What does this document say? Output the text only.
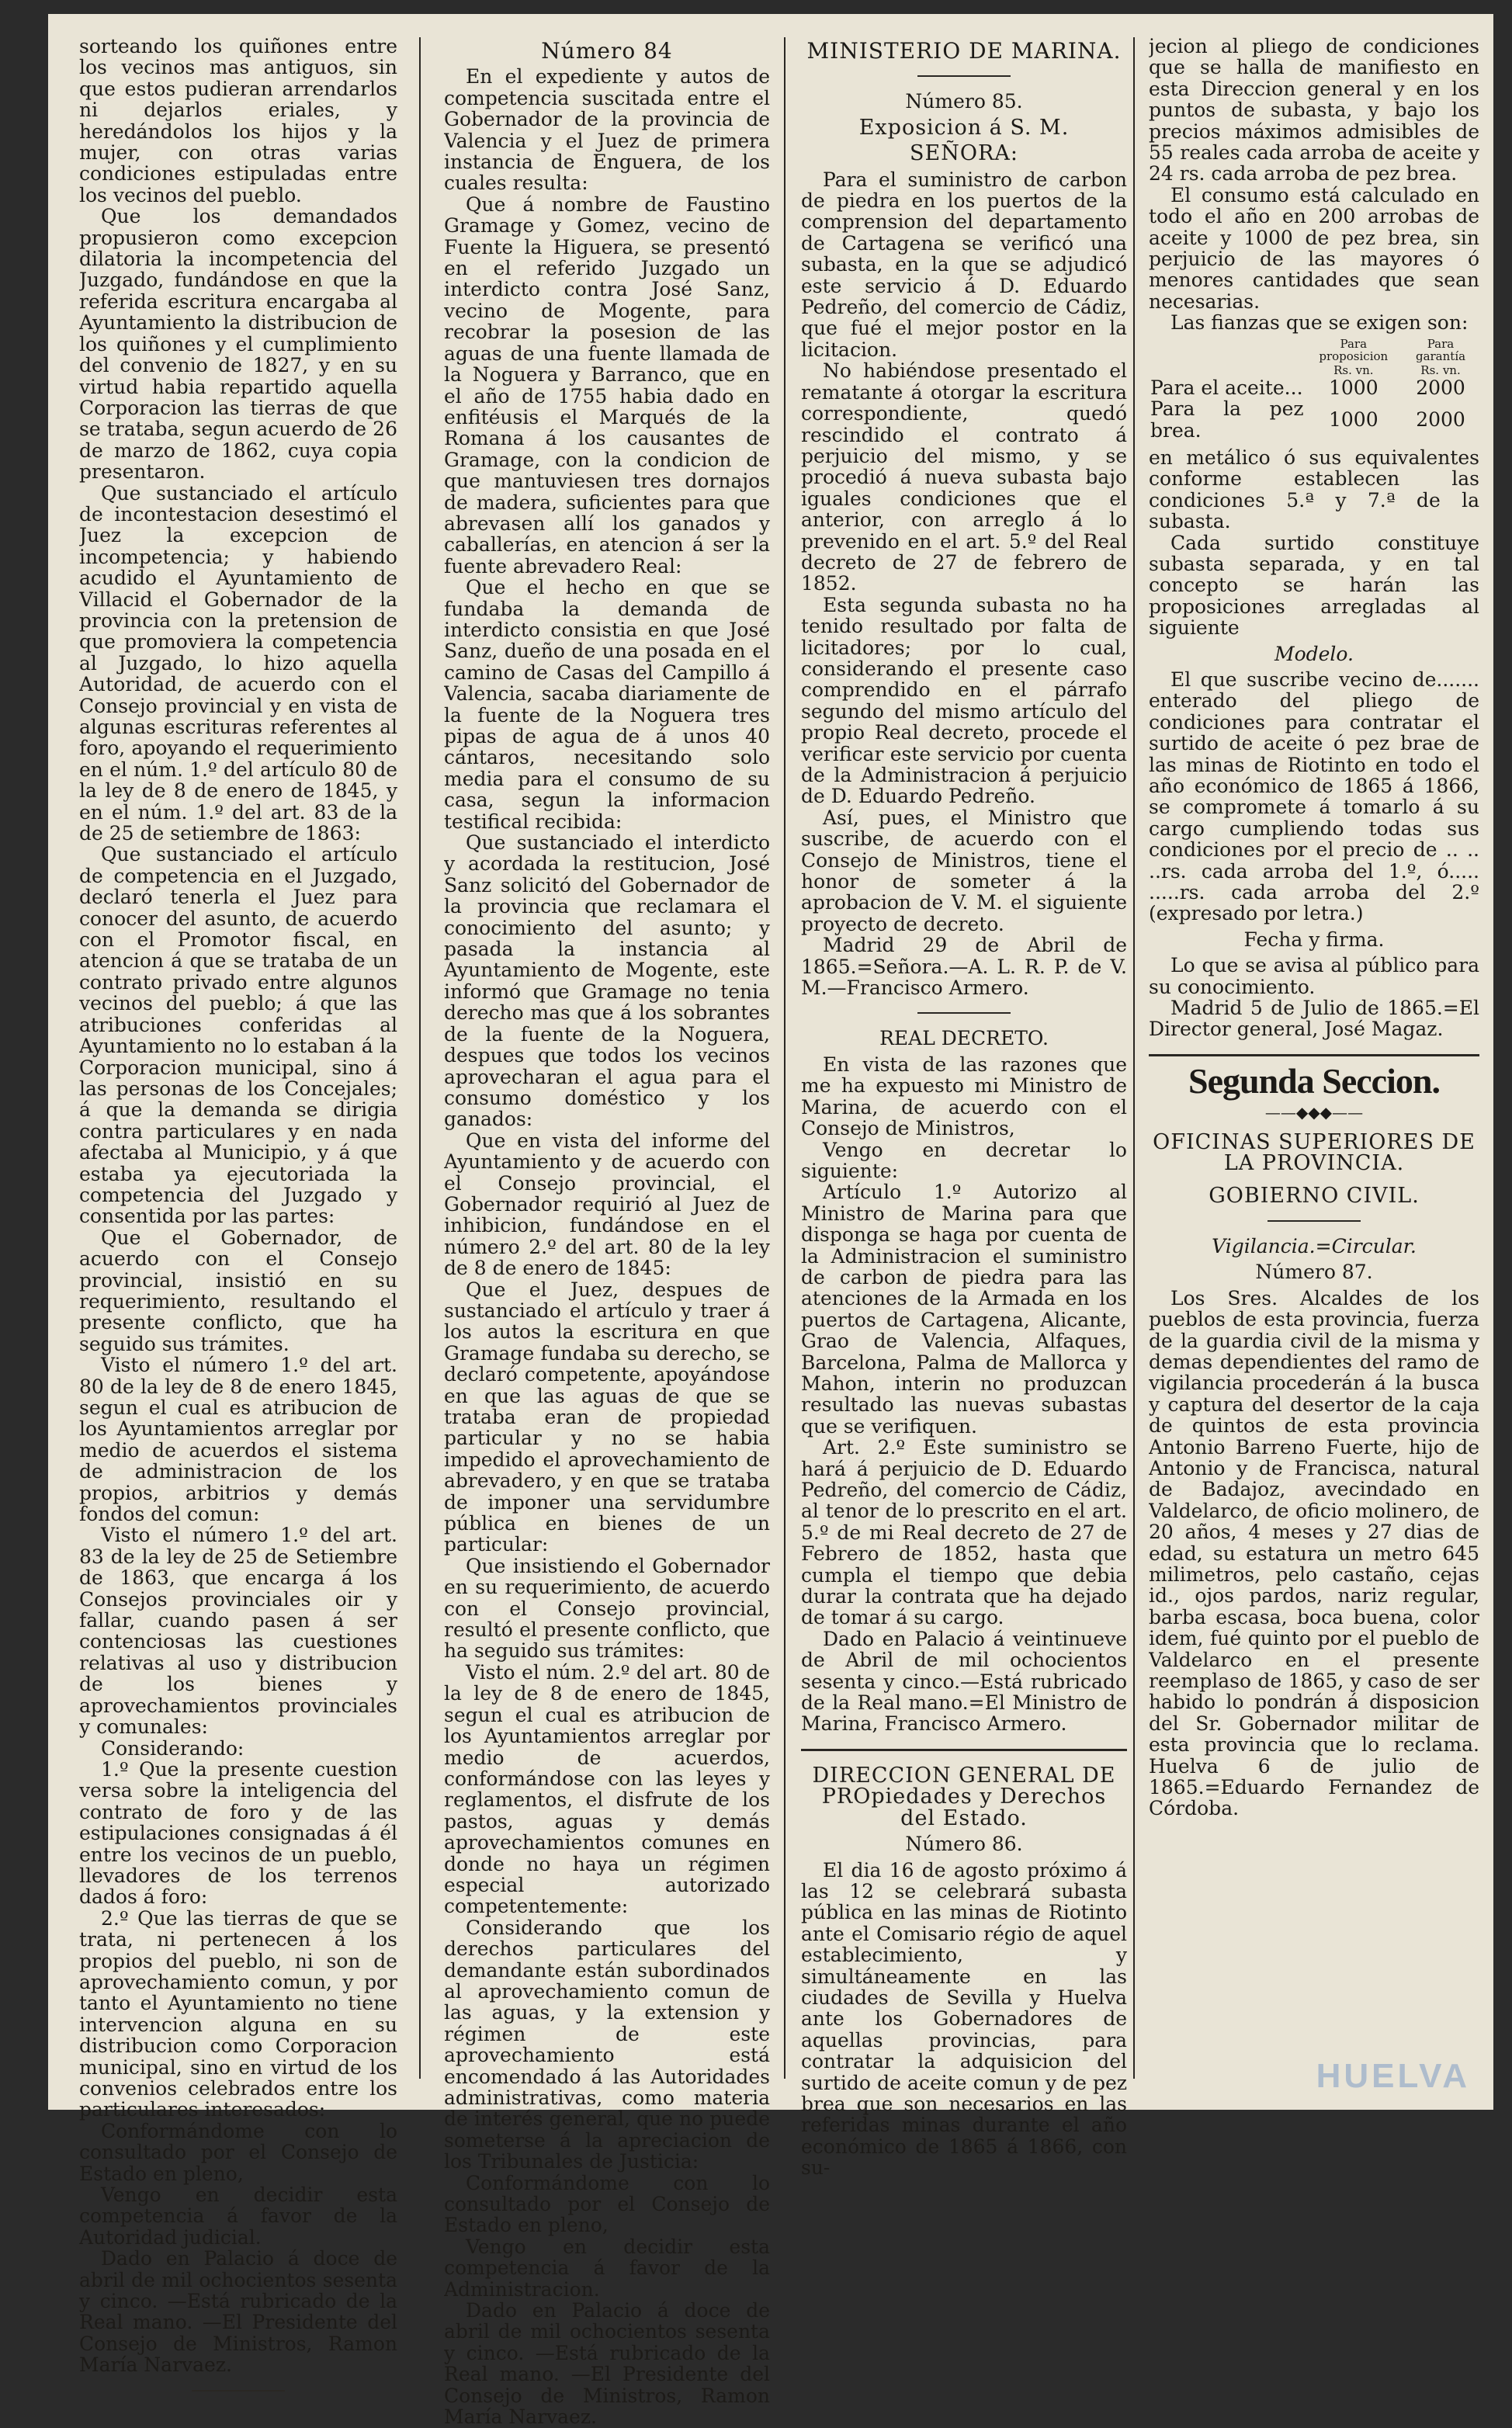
sorteando los quiñones entre los vecinos mas antiguos, sin que estos pudieran arrendarlos ni dejarlos eriales, y heredándolos los hijos y la mujer, con otras varias condiciones estipuladas entre los vecinos del pueblo.

Que los demandados propusieron como excepcion dilatoria la incompetencia del Juzgado, fundándose en que la referida escritura encargaba al Ayuntamiento la distribucion de los quiñones y el cumplimiento del convenio de 1827, y en su virtud habia repartido aquella Corporacion las tierras de que se trataba, segun acuerdo de 26 de marzo de 1862, cuya copia presentaron.

Que sustanciado el artículo de incontestacion desestimó el Juez la excepcion de incompetencia; y habiendo acudido el Ayuntamiento de Villacid el Gobernador de la provincia con la pretension de que promoviera la competencia al Juzgado, lo hizo aquella Autoridad, de acuerdo con el Consejo provincial y en vista de algunas escrituras referentes al foro, apoyando el requerimiento en el núm. 1.º del artículo 80 de la ley de 8 de enero de 1845, y en el núm. 1.º del art. 83 de la de 25 de setiembre de 1863:

Que sustanciado el artículo de competencia en el Juzgado, declaró tenerla el Juez para conocer del asunto, de acuerdo con el Promotor fiscal, en atencion á que se trataba de un contrato privado entre algunos vecinos del pueblo; á que las atribuciones conferidas al Ayuntamiento no lo estaban á la Corporacion municipal, sino á las personas de los Concejales; á que la demanda se dirigia contra particulares y en nada afectaba al Municipio, y á que estaba ya ejecutoriada la competencia del Juzgado y consentida por las partes:

Que el Gobernador, de acuerdo con el Consejo provincial, insistió en su requerimiento, resultando el presente conflicto, que ha seguido sus trámites.

Visto el número 1.º del art. 80 de la ley de 8 de enero 1845, segun el cual es atribucion de los Ayuntamientos arreglar por medio de acuerdos el sistema de administracion de los propios, arbitrios y demás fondos del comun:

Visto el número 1.º del art. 83 de la ley de 25 de Setiembre de 1863, que encarga á los Consejos provinciales oir y fallar, cuando pasen á ser contenciosas las cuestiones relativas al uso y distribucion de los bienes y aprovechamientos provinciales y comunales:

Considerando:

1.º Que la presente cuestion versa sobre la inteligencia del contrato de foro y de las estipulaciones consignadas á él entre los vecinos de un pueblo, llevadores de los terrenos dados á foro:

2.º Que las tierras de que se trata, ni pertenecen á los propios del pueblo, ni son de aprovechamiento comun, y por tanto el Ayuntamiento no tiene intervencion alguna en su distribucion como Corporacion municipal, sino en virtud de los convenios celebrados entre los particulares interesados:

Conformándome con lo consultado por el Consejo de Estado en pleno,

Vengo en decidir esta competencia á favor de la Autoridad judicial.

Dado en Palacio á doce de abril de mil ochocientos sesenta y cinco. —Está rubricado de la Real mano. —El Presidente del Consejo de Ministros, Ramon María Narvaez.

Número 84

En el expediente y autos de competencia suscitada entre el Gobernador de la provincia de Valencia y el Juez de primera instancia de Enguera, de los cuales resulta:

Que á nombre de Faustino Gramage y Gomez, vecino de Fuente la Higuera, se presentó en el referido Juzgado un interdicto contra José Sanz, vecino de Mogente, para recobrar la posesion de las aguas de una fuente llamada de la Noguera y Barranco, que en el año de 1755 habia dado en enfitéusis el Marqués de la Romana á los causantes de Gramage, con la condicion de que mantuviesen tres dornajos de madera, suficientes para que abrevasen allí los ganados y caballerías, en atencion á ser la fuente abrevadero Real:

Que el hecho en que se fundaba la demanda de interdicto consistia en que José Sanz, dueño de una posada en el camino de Casas del Campillo á Valencia, sacaba diariamente de la fuente de la Noguera tres pipas de agua de á unos 40 cántaros, necesitando solo media para el consumo de su casa, segun la informacion testifical recibida:

Que sustanciado el interdicto y acordada la restitucion, José Sanz solicitó del Gobernador de la provincia que reclamara el conocimiento del asunto; y pasada la instancia al Ayuntamiento de Mogente, este informó que Gramage no tenia derecho mas que á los sobrantes de la fuente de la Noguera, despues que todos los vecinos aprovecharan el agua para el consumo doméstico y los ganados:

Que en vista del informe del Ayuntamiento y de acuerdo con el Consejo provincial, el Gobernador requirió al Juez de inhibicion, fundándose en el número 2.º del art. 80 de la ley de 8 de enero de 1845:

Que el Juez, despues de sustanciado el artículo y traer á los autos la escritura en que Gramage fundaba su derecho, se declaró competente, apoyándose en que las aguas de que se trataba eran de propiedad particular y no se habia impedido el aprovechamiento de abrevadero, y en que se trataba de imponer una servidumbre pública en bienes de un particular:

Que insistiendo el Gobernador en su requerimiento, de acuerdo con el Consejo provincial, resultó el presente conflicto, que ha seguido sus trámites:

Visto el núm. 2.º del art. 80 de la ley de 8 de enero de 1845, segun el cual es atribucion de los Ayuntamientos arreglar por medio de acuerdos, conformándose con las leyes y reglamentos, el disfrute de los pastos, aguas y demás aprovechamientos comunes en donde no haya un régimen especial autorizado competentemente:

Considerando que los derechos particulares del demandante están subordinados al aprovechamiento comun de las aguas, y la extension y régimen de este aprovechamiento está encomendado á las Autoridades administrativas, como materia de interés general, que no puede someterse á la apreciacion de los Tribunales de Justicia:

Conformándome con lo consultado por el Consejo de Estado en pleno,

Vengo en decidir esta competencia á favor de la Administracion.

Dado en Palacio á doce de abril de mil ochocientos sesenta y cinco. —Está rubricado de la Real mano. —El Presidente del Consejo de Ministros, Ramon María Narvaez.

MINISTERIO DE MARINA.

Número 85.

Exposicion á S. M.

SEÑORA:

Para el suministro de carbon de piedra en los puertos de la comprension del departamento de Cartagena se verificó una subasta, en la que se adjudicó este servicio á D. Eduardo Pedreño, del comercio de Cádiz, que fué el mejor postor en la licitacion.

No habiéndose presentado el rematante á otorgar la escritura correspondiente, quedó rescindido el contrato á perjuicio del mismo, y se procedió á nueva subasta bajo iguales condiciones que el anterior, con arreglo á lo prevenido en el art. 5.º del Real decreto de 27 de febrero de 1852.

Esta segunda subasta no ha tenido resultado por falta de licitadores; por lo cual, considerando el presente caso comprendido en el párrafo segundo del mismo artículo del propio Real decreto, procede el verificar este servicio por cuenta de la Administracion á perjuicio de D. Eduardo Pedreño.

Así, pues, el Ministro que suscribe, de acuerdo con el Consejo de Ministros, tiene el honor de someter á la aprobacion de V. M. el siguiente proyecto de decreto.

Madrid 29 de Abril de 1865.=Señora.—A. L. R. P. de V. M.—Francisco Armero.

REAL DECRETO.

En vista de las razones que me ha expuesto mi Ministro de Marina, de acuerdo con el Consejo de Ministros,

Vengo en decretar lo siguiente:

Artículo 1.º Autorizo al Ministro de Marina para que disponga se haga por cuenta de la Administracion el suministro de carbon de piedra para las atenciones de la Armada en los puertos de Cartagena, Alicante, Grao de Valencia, Alfaques, Barcelona, Palma de Mallorca y Mahon, interin no produzcan resultado las nuevas subastas que se verifiquen.

Art. 2.º Este suministro se hará á perjuicio de D. Eduardo Pedreño, del comercio de Cádiz, al tenor de lo prescrito en el art. 5.º de mi Real decreto de 27 de Febrero de 1852, hasta que cumpla el tiempo que debia durar la contrata que ha dejado de tomar á su cargo.

Dado en Palacio á veintinueve de Abril de mil ochocientos sesenta y cinco.—Está rubricado de la Real mano.=El Ministro de Marina, Francisco Armero.

DIRECCION GENERAL DE PROpiedades y Derechos del Estado.

Número 86.

El dia 16 de agosto próximo á las 12 se celebrará subasta pública en las minas de Riotinto ante el Comisario régio de aquel establecimiento, y simultáneamente en las ciudades de Sevilla y Huelva ante los Gobernadores de aquellas provincias, para contratar la adquisicion del surtido de aceite comun y de pez brea que son necesarios en las referidas minas durante el año económico de 1865 á 1866, con su-

jecion al pliego de condiciones que se halla de manifiesto en esta Direccion general y en los puntos de subasta, y bajo los precios máximos admisibles de 55 reales cada arroba de aceite y 24 rs. cada arroba de pez brea.

El consumo está calculado en todo el año en 200 arrobas de aceite y 1000 de pez brea, sin perjuicio de las mayores ó menores cantidades que sean necesarias.

Las fianzas que se exigen son:

	Para proposicion	Para garantía
	Rs. vn.	Rs. vn.
Para el aceite...	1000	2000
Para la pez brea.	1000	2000

en metálico ó sus equivalentes conforme establecen las condiciones 5.ª y 7.ª de la subasta.

Cada surtido constituye subasta separada, y en tal concepto se harán las proposiciones arregladas al siguiente

Modelo.

El que suscribe vecino de....... enterado del pliego de condiciones para contratar el surtido de aceite ó pez brae de las minas de Riotinto en todo el año económico de 1865 á 1866, se compromete á tomarlo á su cargo cumpliendo todas sus condiciones por el precio de .. .. ..rs. cada arroba del 1.º, ó..... .....rs. cada arroba del 2.º (expresado por letra.)

Fecha y firma.

Lo que se avisa al público para su conocimiento.

Madrid 5 de Julio de 1865.=El Director general, José Magaz.

Segunda Seccion.

——◆◆◆——

OFICINAS SUPERIORES DE LA PROVINCIA.

GOBIERNO CIVIL.

Vigilancia.=Circular.

Número 87.

Los Sres. Alcaldes de los pueblos de esta provincia, fuerza de la guardia civil de la misma y demas dependientes del ramo de vigilancia procederán á la busca y captura del desertor de la caja de quintos de esta provincia Antonio Barreno Fuerte, hijo de Antonio y de Francisca, natural de Badajoz, avecindado en Valdelarco, de oficio molinero, de 20 años, 4 meses y 27 dias de edad, su estatura un metro 645 milimetros, pelo castaño, cejas id., ojos pardos, nariz regular, barba escasa, boca buena, color idem, fué quinto por el pueblo de Valdelarco en el presente reemplaso de 1865, y caso de ser habido lo pondrán á disposicion del Sr. Gobernador militar de esta provincia que lo reclama. Huelva 6 de julio de 1865.=Eduardo Fernandez de Córdoba.

HUELVA
